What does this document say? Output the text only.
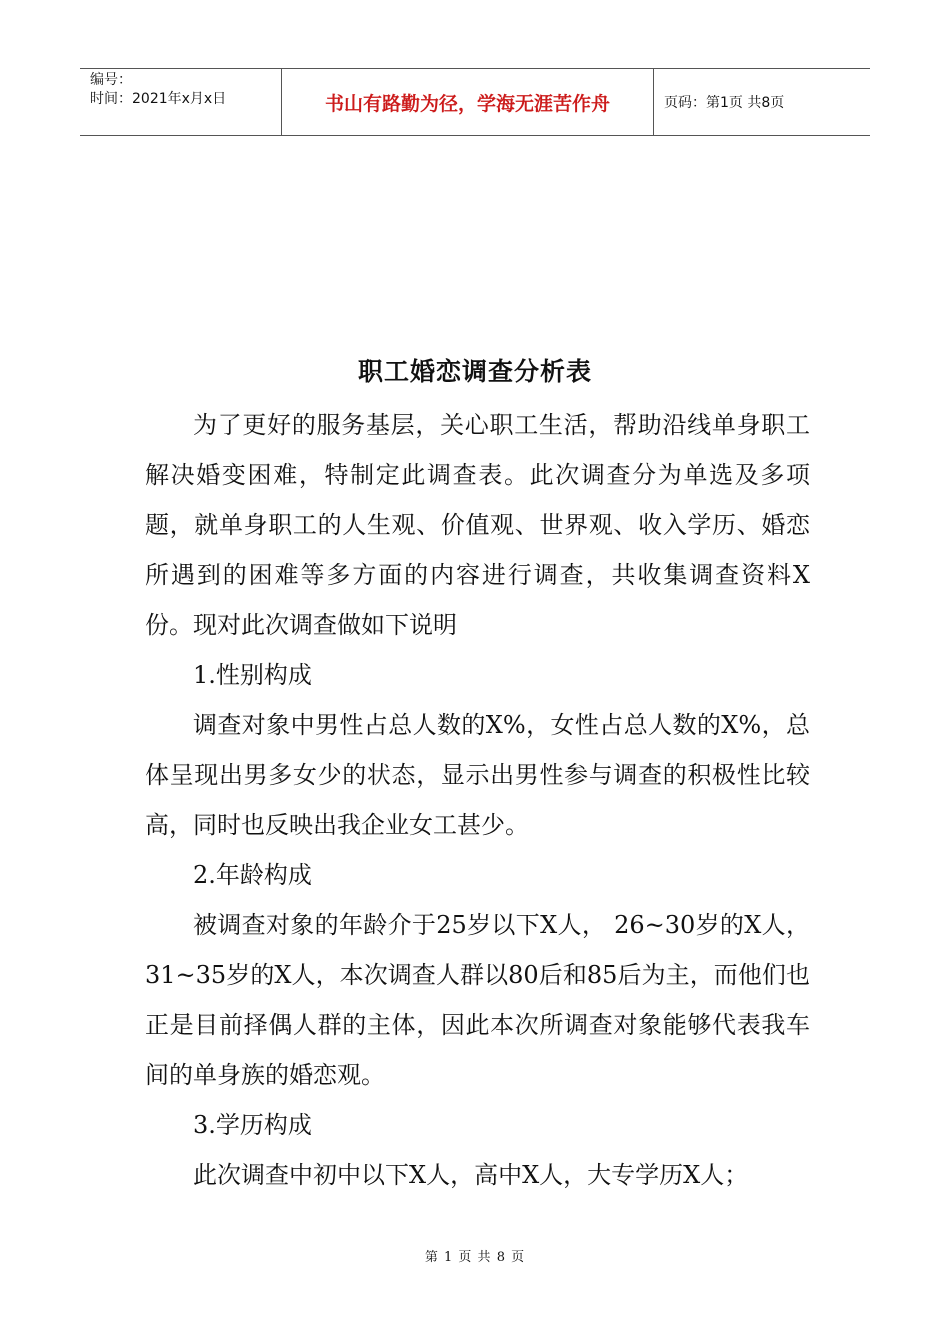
编号：
时间：2021年x月x日	书山有路勤为径，学海无涯苦作舟	页码：第1页 共8页
职工婚恋调查分析表

为了更好的服务基层，关心职工生活，帮助沿线单身职工解决婚变困难，特制定此调查表。此次调查分为单选及多项题，就单身职工的人生观、价值观、世界观、收入学历、婚恋所遇到的困难等多方面的内容进行调查，共收集调查资料X份。现对此次调查做如下说明

1.性别构成

调查对象中男性占总人数的X%，女性占总人数的X%，总体呈现出男多女少的状态，显示出男性参与调查的积极性比较高，同时也反映出我企业女工甚少。

2.年龄构成

被调查对象的年龄介于25岁以下X人， 26~30岁的X人，31~35岁的X人，本次调查人群以80后和85后为主，而他们也正是目前择偶人群的主体，因此本次所调查对象能够代表我车间的单身族的婚恋观。

3.学历构成

此次调查中初中以下X人，高中X人，大专学历X人；

第 1 页 共 8 页
